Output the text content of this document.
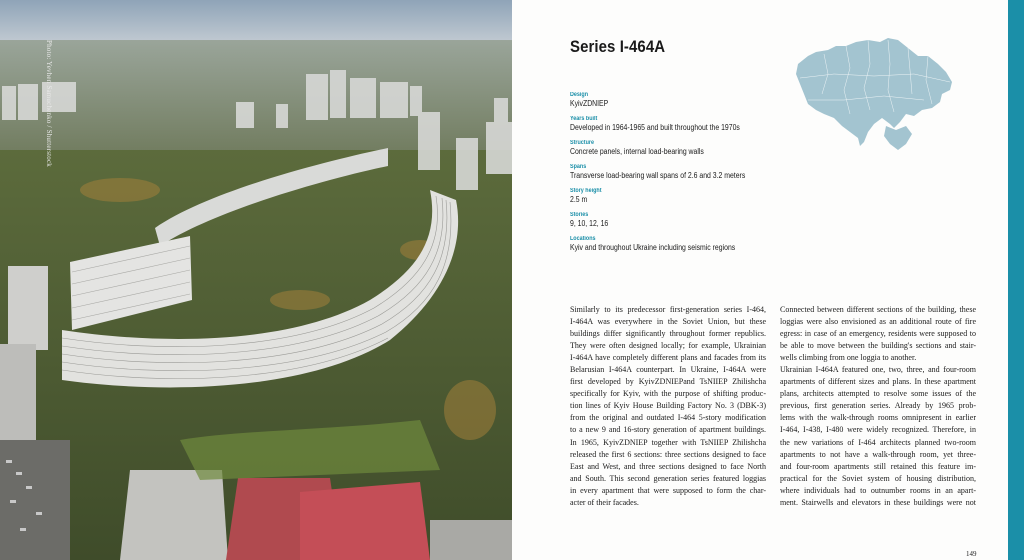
Photo: Yevhen Samuchenko / Shutterstock	Series I-464A
Design
KyivZDNIEP
Years built
Developed in 1964-1965 and built throughout the 1970s
Structure
Concrete panels, internal load-bearing walls
Spans
Transverse load-bearing wall spans of 2.6 and 3.2 meters
Story height
2.5 m
Stories
9, 10, 12, 16
Locations
Kyiv and throughout Ukraine including seismic regions

Similarly to its predecessor first-generation series I-464,
I-464A was everywhere in the Soviet Union, but these
buildings differ significantly throughout former republics.
They were often designed locally; for example, Ukrainian
I-464A have completely different plans and facades from its
Belarusian I-464A counterpart. In Ukraine, I-464A were
first developed by KyivZDNIEPand TsNIIEP Zhilishcha
specifically for Kyiv, with the purpose of shifting produc-
tion lines of Kyiv House Building Factory No. 3 (DBK-3)
from the original and outdated I-464 5-story modification
to a new 9 and 16-story generation of apartment buildings.
In 1965, KyivZDNIEP together with TsNIIEP Zhilishcha
released the first 6 sections: three sections designed to face
East and West, and three sections designed to face North
and South. This second generation series featured loggias
in every apartment that were supposed to form the char-
acter of their facades.

Connected between different sections of the building, these
loggias were also envisioned as an additional route of fire
egress: in case of an emergency, residents were supposed to
be able to move between the building's sections and stair-
wells climbing from one loggia to another.
Ukrainian I-464A featured one, two, three, and four-room
apartments of different sizes and plans. In these apartment
plans, architects attempted to resolve some issues of the
previous, first generation series. Already by 1965 prob-
lems with the walk-through rooms omnipresent in earlier
I-464, I-438, I-480 were widely recognized. Therefore, in
the new variations of I-464 architects planned two-room
apartments to not have a walk-through room, yet three-
and four-room apartments still retained this feature im-
practical for the Soviet system of housing distribution,
where individuals had to outnumber rooms in an apart-
ment. Stairwells and elevators in these buildings were not

149
